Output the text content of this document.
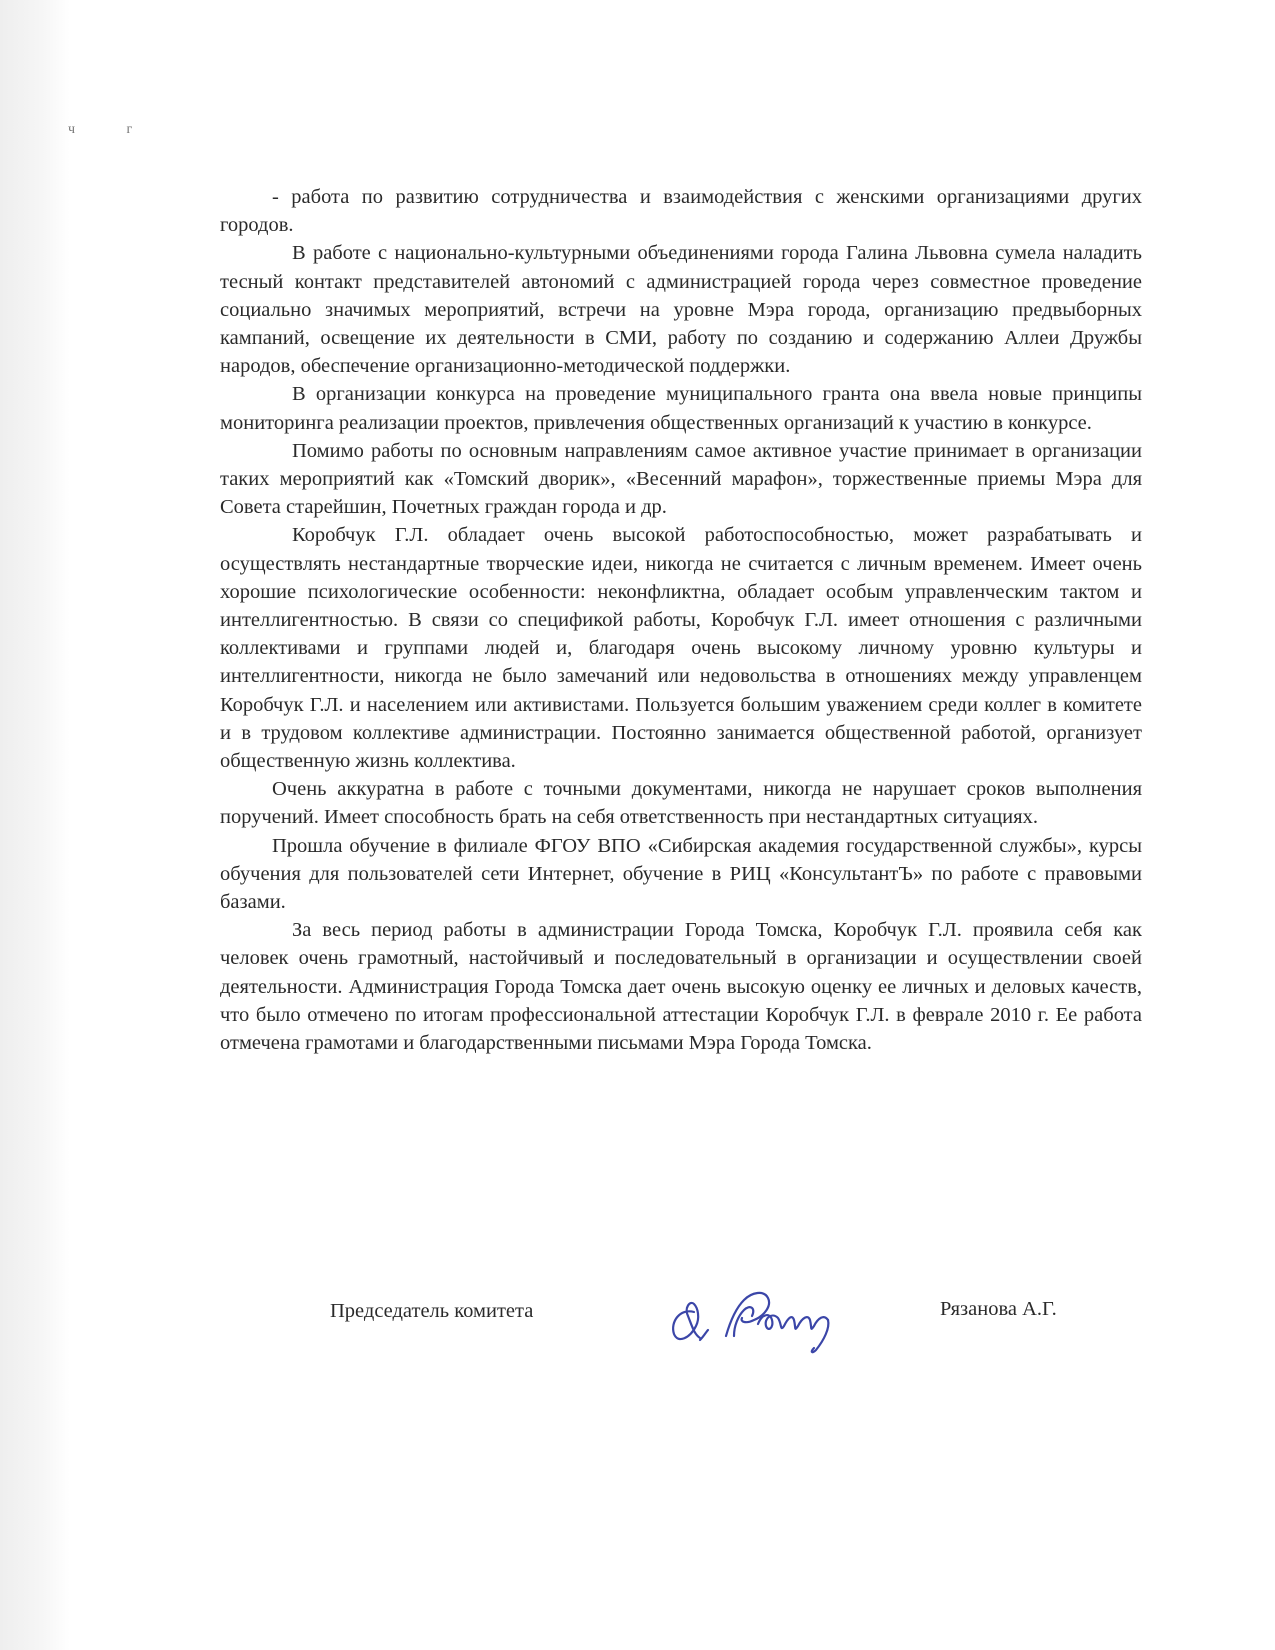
ч г

- работа по развитию сотрудничества и взаимодействия с женскими организациями других городов.

В работе с национально-культурными объединениями города Галина Львовна сумела наладить тесный контакт представителей автономий с администрацией города через совместное проведение социально значимых мероприятий, встречи на уровне Мэра города, организацию предвыборных кампаний, освещение их деятельности в СМИ, работу по созданию и содержанию Аллеи Дружбы народов, обеспечение организационно-методической поддержки.

В организации конкурса на проведение муниципального гранта она ввела новые принципы мониторинга реализации проектов, привлечения общественных организаций к участию в конкурсе.

Помимо работы по основным направлениям самое активное участие принимает в организации таких мероприятий как «Томский дворик», «Весенний марафон», торжественные приемы Мэра для Совета старейшин, Почетных граждан города и др.

Коробчук Г.Л. обладает очень высокой работоспособностью, может разрабатывать и осуществлять нестандартные творческие идеи, никогда не считается с личным временем. Имеет очень хорошие психологические особенности: неконфликтна, обладает особым управленческим тактом и интеллигентностью. В связи со спецификой работы, Коробчук Г.Л. имеет отношения с различными коллективами и группами людей и, благодаря очень высокому личному уровню культуры и интеллигентности, никогда не было замечаний или недовольства в отношениях между управленцем Коробчук Г.Л. и населением или активистами. Пользуется большим уважением среди коллег в комитете и в трудовом коллективе администрации. Постоянно занимается общественной работой, организует общественную жизнь коллектива.

Очень аккуратна в работе с точными документами, никогда не нарушает сроков выполнения поручений. Имеет способность брать на себя ответственность при нестандартных ситуациях.

Прошла обучение в филиале ФГОУ ВПО «Сибирская академия государственной службы», курсы обучения для пользователей сети Интернет, обучение в РИЦ «КонсультантЪ» по работе с правовыми базами.

За весь период работы в администрации Города Томска, Коробчук Г.Л. проявила себя как человек очень грамотный, настойчивый и последовательный в организации и осуществлении своей деятельности. Администрация Города Томска дает очень высокую оценку ее личных и деловых качеств, что было отмечено по итогам профессиональной аттестации Коробчук Г.Л. в феврале 2010 г. Ее работа отмечена грамотами и благодарственными письмами Мэра Города Томска.

Председатель комитета	Рязанова А.Г.
